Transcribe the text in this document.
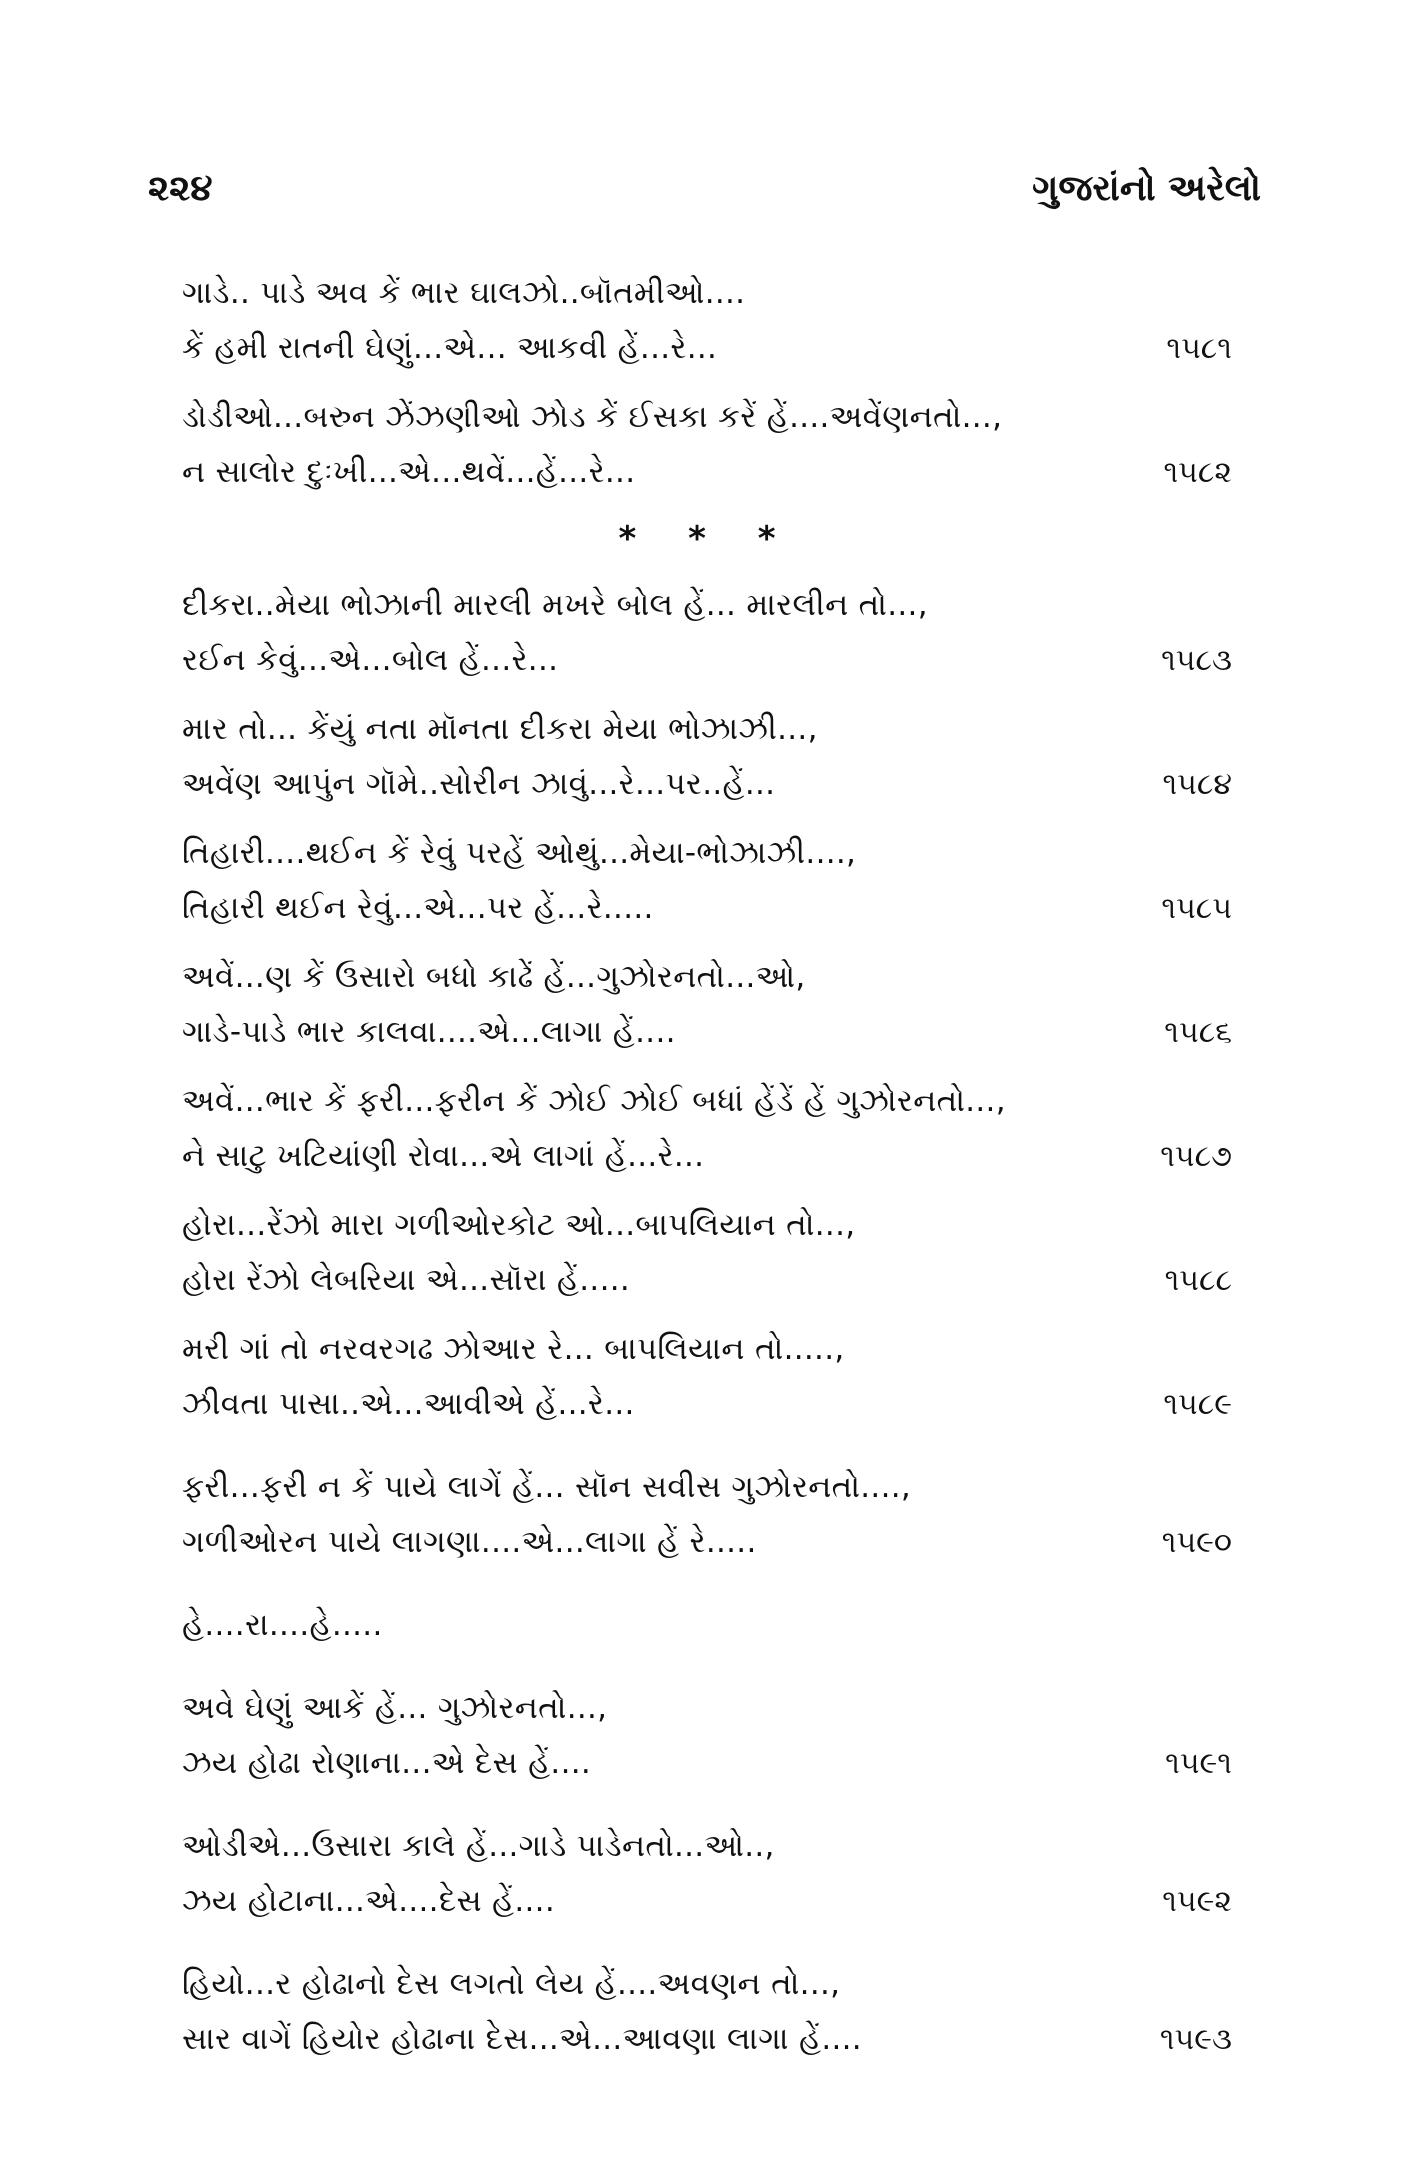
૨૨૪	ગુજરાંનો અરેલો
ગાડે.. પાડે અવ કેં ભાર ઘાલઝો..બૉતમીઓ....
કેં હમી રાતની ઘેણું...એ... આકવી હેં...રે...	૧૫૮૧
ડોડીઓ...બરુન ઝેંઝણીઓ ઝોડ કેં ઈસકા કરેં હેં....અવેંણનતો...,
ન સાલોર દુઃખી...એ...થવેં...હેં...રે...	૧૫૮૨
* * *
દીકરા..મેયા ભોઝાની મારલી મખરે બોલ હેં... મારલીન તો...,
રઈન કેવું...એ...બોલ હેં...રે...	૧૫૮૩
માર તો... કેંયું નતા મૉનતા દીકરા મેયા ભોઝાઝી...,
અવેંણ આપુંન ગૉમે..સોરીન ઝાવું...રે...પર..હેં...	૧૫૮૪
તિહારી....થઈન કેં રેવું પરહેં ઓથું...મેયા-ભોઝાઝી....,
તિહારી થઈન રેવું...એ...પર હેં...રે.....	૧૫૮૫
અવેં...ણ કેં ઉસારો બધો કાઢેં હેં...ગુઝોરનતો...ઓ,
ગાડે-પાડે ભાર કાલવા....એ...લાગા હેં....	૧૫૮૬
અવેં...ભાર કેં ફરી...ફરીન કેં ઝોઈ ઝોઈ બધાં હેંડેં હેં ગુઝોરનતો...,
ને સાટુ ખટિયાંણી રોવા...એ લાગાં હેં...રે...	૧૫૮૭
હોરા...રેંઝો મારા ગળીઓરકોટ ઓ...બાપલિયાન તો...,
હોરા રેંઝો લેબરિયા એ...સૉરા હેં.....	૧૫૮૮
મરી ગાં તો નરવરગઢ ઝોઆર રે... બાપલિયાન તો.....,
ઝીવતા પાસા..એ...આવીએ હેં...રે...	૧૫૮૯
ફરી...ફરી ન કેં પાયે લાગેં હેં... સૉન સવીસ ગુઝોરનતો....,
ગળીઓરન પાયે લાગણા....એ...લાગા હેં રે.....	૧૫૯૦
હે....રા....હે.....
અવે ઘેણું આકેં હેં... ગુઝોરનતો...,
ઝય હોઢા રોણાના...એ દેસ હેં....	૧૫૯૧
ઓડીએ...ઉસારા કાલે હેં...ગાડે પાડેનતો...ઓ..,
ઝય હોટાના...એ....દેસ હેં....	૧૫૯૨
હિયો...ર હોઢાનો દેસ લગતો લેય હેં....અવણન તો...,
સાર વાગેં હિયોર હોઢાના દેસ...એ...આવણા લાગા હેં....	૧૫૯૩
